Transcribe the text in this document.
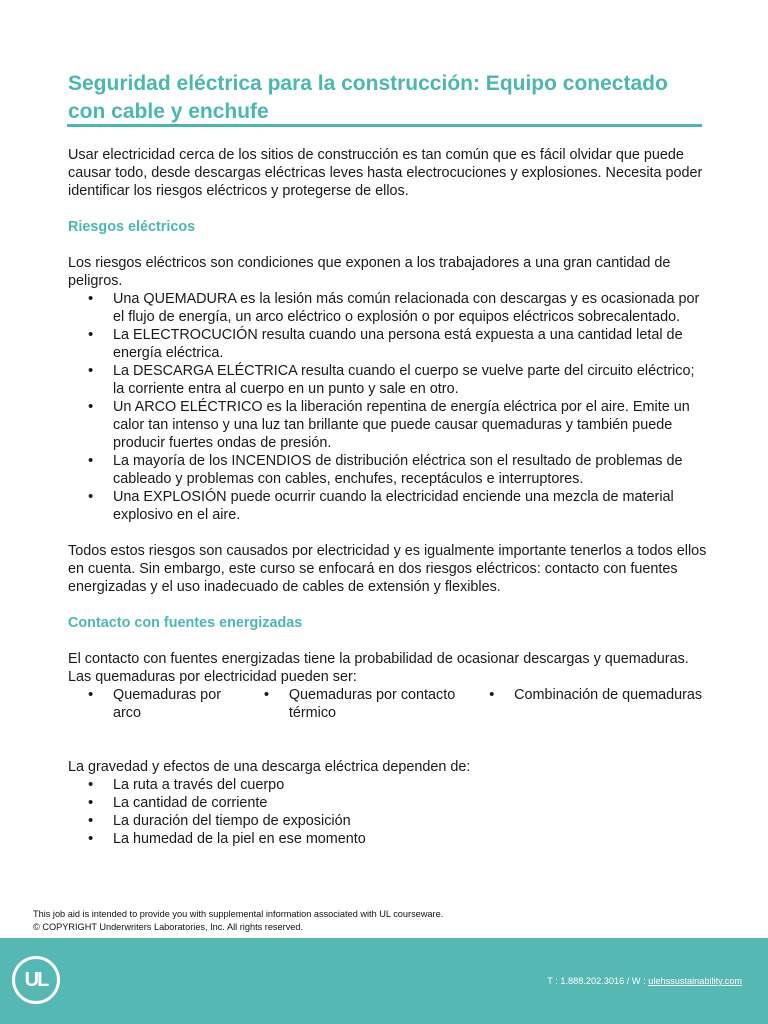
Seguridad eléctrica para la construcción: Equipo conectado con cable y enchufe

Usar electricidad cerca de los sitios de construcción es tan común que es fácil olvidar que puede causar todo, desde descargas eléctricas leves hasta electrocuciones y explosiones. Necesita poder identificar los riesgos eléctricos y protegerse de ellos.

Riesgos eléctricos

Los riesgos eléctricos son condiciones que exponen a los trabajadores a una gran cantidad de peligros.

• Una QUEMADURA es la lesión más común relacionada con descargas y es ocasionada por el flujo de energía, un arco eléctrico o explosión o por equipos eléctricos sobrecalentado.
• La ELECTROCUCIÓN resulta cuando una persona está expuesta a una cantidad letal de energía eléctrica.
• La DESCARGA ELÉCTRICA resulta cuando el cuerpo se vuelve parte del circuito eléctrico; la corriente entra al cuerpo en un punto y sale en otro.
• Un ARCO ELÉCTRICO es la liberación repentina de energía eléctrica por el aire. Emite un calor tan intenso y una luz tan brillante que puede causar quemaduras y también puede producir fuertes ondas de presión.
• La mayoría de los INCENDIOS de distribución eléctrica son el resultado de problemas de cableado y problemas con cables, enchufes, receptáculos e interruptores.
• Una EXPLOSIÓN puede ocurrir cuando la electricidad enciende una mezcla de material explosivo en el aire.

Todos estos riesgos son causados por electricidad y es igualmente importante tenerlos a todos ellos en cuenta. Sin embargo, este curso se enfocará en dos riesgos eléctricos: contacto con fuentes energizadas y el uso inadecuado de cables de extensión y flexibles.

Contacto con fuentes energizadas

El contacto con fuentes energizadas tiene la probabilidad de ocasionar descargas y quemaduras. Las quemaduras por electricidad pueden ser:

• Quemaduras por arco
• Quemaduras por contacto térmico
• Combinación de quemaduras

La gravedad y efectos de una descarga eléctrica dependen de:

• La ruta a través del cuerpo
• La cantidad de corriente
• La duración del tiempo de exposición
• La humedad de la piel en ese momento
This job aid is intended to provide you with supplemental information associated with UL courseware.
© COPYRIGHT Underwriters Laboratories, Inc. All rights reserved.
UL	T : 1.888.202.3016 / W : ulehssustainability.com
